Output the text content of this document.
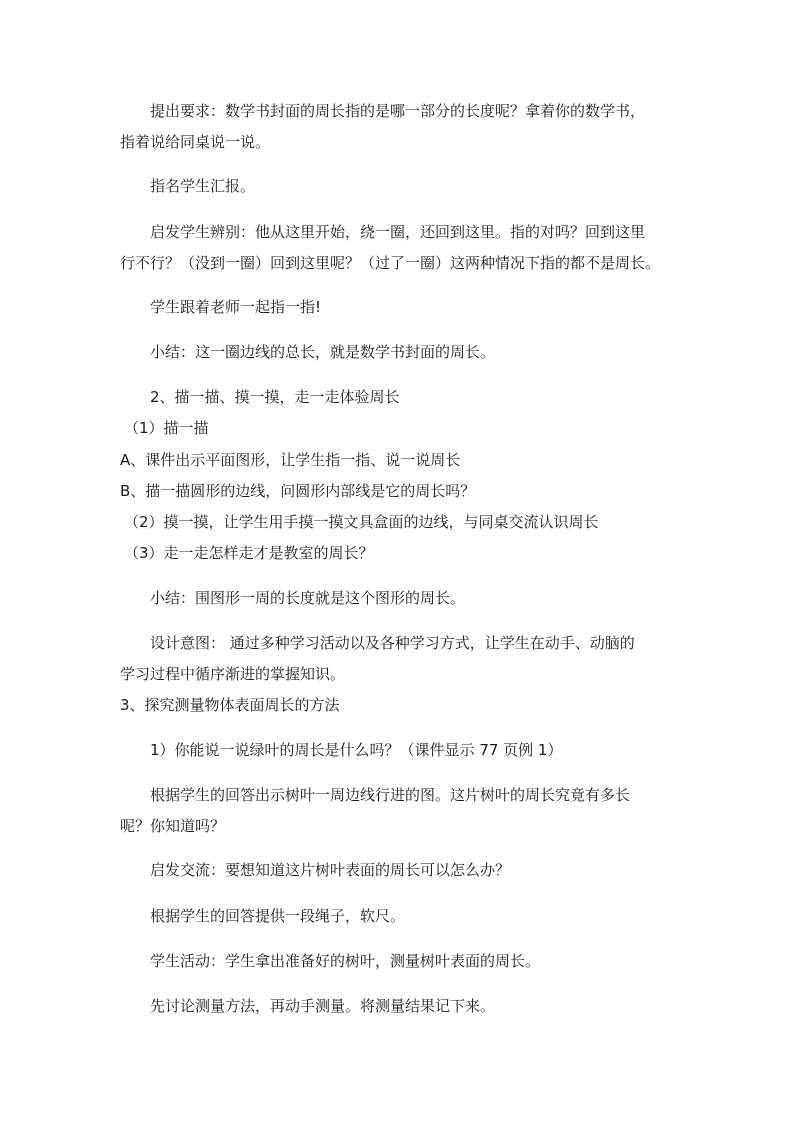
提出要求：数学书封面的周长指的是哪一部分的长度呢？拿着你的数学书，
指着说给同桌说一说。
指名学生汇报。
启发学生辨别：他从这里开始，绕一圈，还回到这里。指的对吗？回到这里
行不行？（没到一圈）回到这里呢？（过了一圈）这两种情况下指的都不是周长。
学生跟着老师一起指一指!
小结：这一圈边线的总长，就是数学书封面的周长。
2、描一描、摸一摸，走一走体验周长
（1）描一描
A、课件出示平面图形，让学生指一指、说一说周长
B、描一描圆形的边线，问圆形内部线是它的周长吗？
（2）摸一摸，让学生用手摸一摸文具盒面的边线，与同桌交流认识周长
（3）走一走怎样走才是教室的周长？
小结：围图形一周的长度就是这个图形的周长。
设计意图： 通过多种学习活动以及各种学习方式，让学生在动手、动脑的
学习过程中循序渐进的掌握知识。
3、探究测量物体表面周长的方法
1）你能说一说绿叶的周长是什么吗？（课件显示 77 页例 1）
根据学生的回答出示树叶一周边线行进的图。这片树叶的周长究竟有多长
呢？你知道吗？
启发交流：要想知道这片树叶表面的周长可以怎么办？
根据学生的回答提供一段绳子，软尺。
学生活动：学生拿出准备好的树叶，测量树叶表面的周长。
先讨论测量方法，再动手测量。将测量结果记下来。
